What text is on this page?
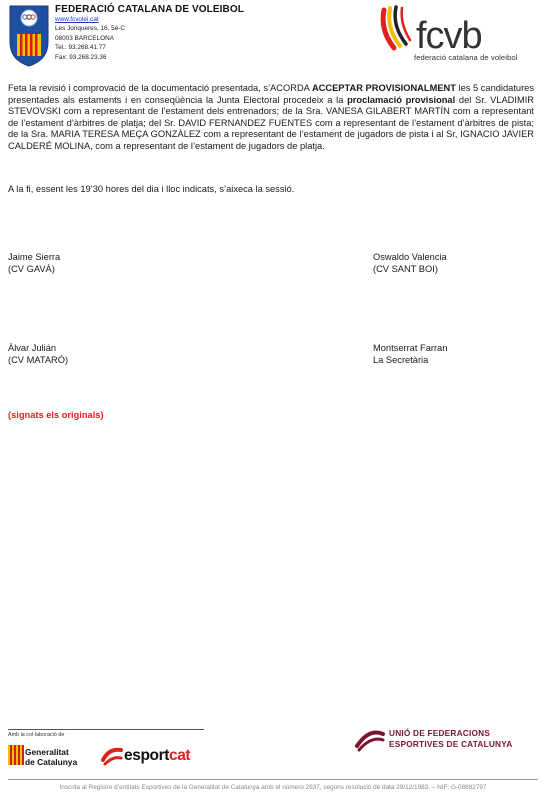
FEDERACIÓ CATALANA DE VOLEIBOL
www.fcvolei.cat
Les Jonqueres, 16, 5è-C
08003 BARCELONA
Tel.: 93.268.41.77
Fax: 93.268.23.36
fcvb
federació catalana de voleibol
Feta la revisió i comprovació de la documentació presentada, s’ACORDA ACCEPTAR PROVISIONALMENT les 5 candidatures presentades als estaments i en conseqüència la Junta Electoral procedeix a la proclamació provisional del Sr. VLADIMIR STEVOVSKI com a representant de l’estament dels entrenadors; de la Sra. VANESA GILABERT MARTÍN com a representant de l’estament d’àrbitres de platja; del Sr. DAVID FERNANDEZ FUENTES com a representant de l’estament d’àrbitres de pista; de la Sra. MARIA TERESA MEÇA GONZÀLEZ com a representant de l’estament de jugadors de pista i al Sr, IGNACIO JAVIER CALDERÉ MOLINA, com a representant de l’estament de jugadors de platja.
A la fi, essent les 19’30 hores del dia i lloc indicats, s’aixeca la sessió.
Jaime Sierra
(CV GAVÀ)
Oswaldo Valencia
(CV SANT BOI)
Àlvar Julián
(CV MATARÓ)
Montserrat Farran
La Secretària
(signats els originals)
Amb la col·laboració de
Generalitat
de Catalunya	esportcat
UNIÓ DE FEDERACIONS
ESPORTIVES DE CATALUNYA
Inscrita al Registre d’entitats Esportives de la Generalitat de Catalunya amb el número 2837, segons resolució de data 29/12/1983. – NIF: G-08882797
